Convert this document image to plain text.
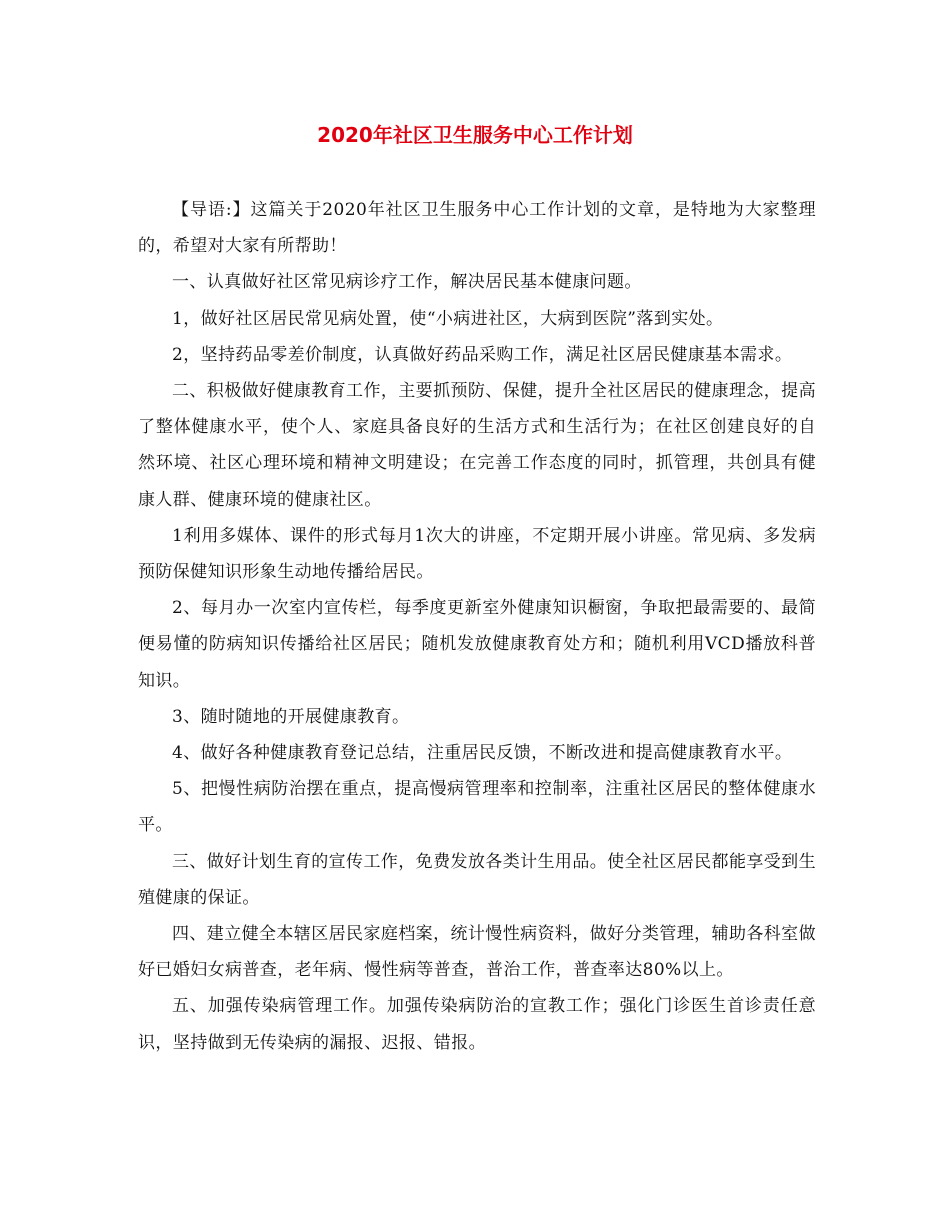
2020年社区卫生服务中心工作计划

【导语:】这篇关于2020年社区卫生服务中心工作计划的文章，是特地为大家整理的，希望对大家有所帮助！

一、认真做好社区常见病诊疗工作，解决居民基本健康问题。

1，做好社区居民常见病处置，使“小病进社区，大病到医院”落到实处。

2，坚持药品零差价制度，认真做好药品采购工作，满足社区居民健康基本需求。

二、积极做好健康教育工作，主要抓预防、保健，提升全社区居民的健康理念，提高了整体健康水平，使个人、家庭具备良好的生活方式和生活行为；在社区创建良好的自然环境、社区心理环境和精神文明建设；在完善工作态度的同时，抓管理，共创具有健康人群、健康环境的健康社区。

1利用多媒体、课件的形式每月1次大的讲座，不定期开展小讲座。常见病、多发病预防保健知识形象生动地传播给居民。

2、每月办一次室内宣传栏，每季度更新室外健康知识橱窗，争取把最需要的、最简便易懂的防病知识传播给社区居民；随机发放健康教育处方和；随机利用VCD播放科普知识。

3、随时随地的开展健康教育。

4、做好各种健康教育登记总结，注重居民反馈，不断改进和提高健康教育水平。

5、把慢性病防治摆在重点，提高慢病管理率和控制率，注重社区居民的整体健康水平。

三、做好计划生育的宣传工作，免费发放各类计生用品。使全社区居民都能享受到生殖健康的保证。

四、建立健全本辖区居民家庭档案，统计慢性病资料，做好分类管理，辅助各科室做好已婚妇女病普查，老年病、慢性病等普查，普治工作，普查率达80%以上。

五、加强传染病管理工作。加强传染病防治的宣教工作；强化门诊医生首诊责任意识，坚持做到无传染病的漏报、迟报、错报。
